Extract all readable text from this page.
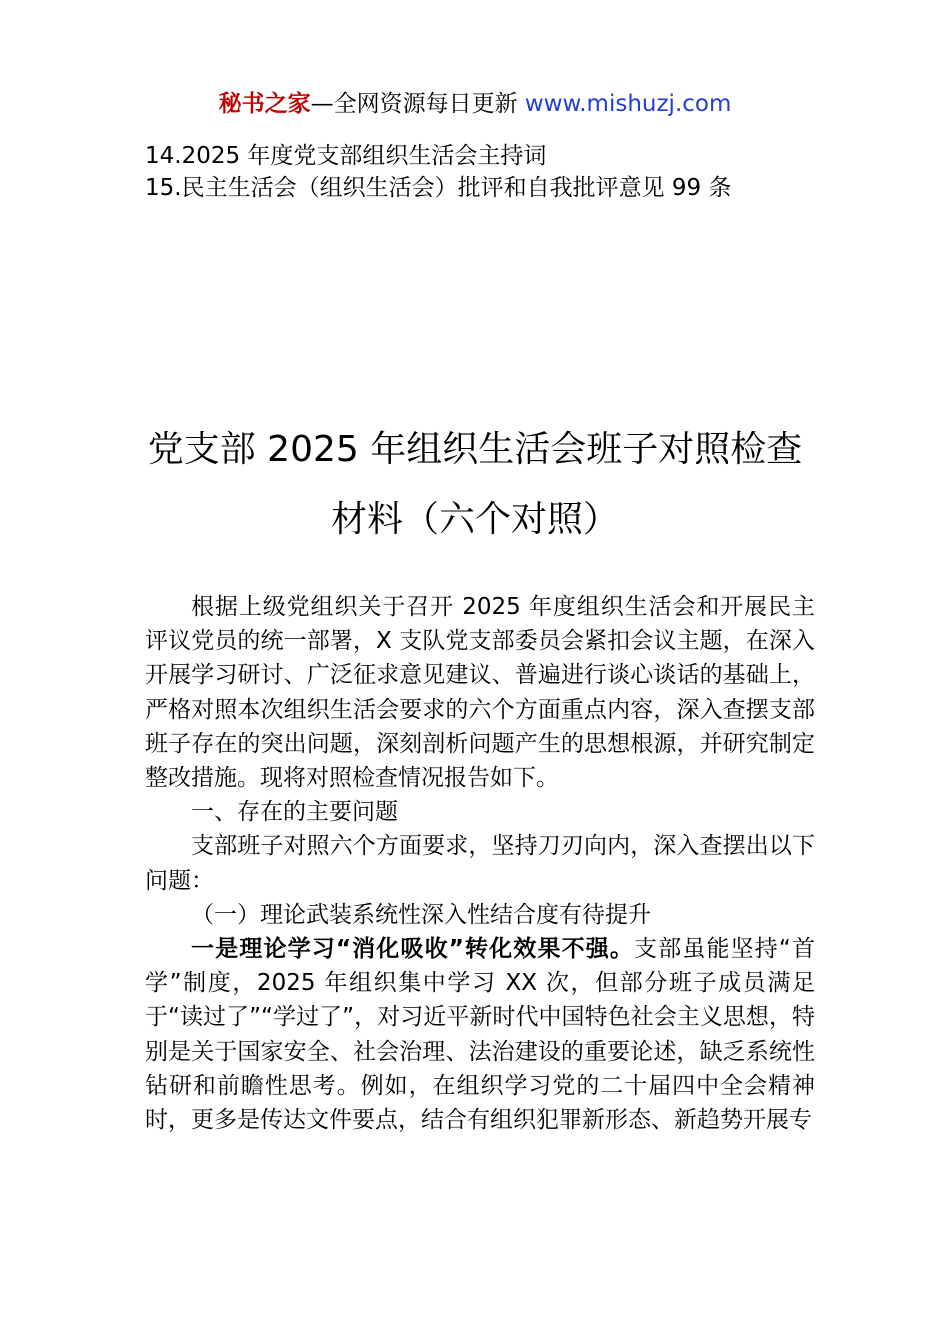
秘书之家—全网资源每日更新 www.mishuzj.com
14.2025 年度党支部组织生活会主持词
15.民主生活会（组织生活会）批评和自我批评意见 99 条
党支部 2025 年组织生活会班子对照检查
材料（六个对照）

根据上级党组织关于召开 2025 年度组织生活会和开展民主评议党员的统一部署，X 支队党支部委员会紧扣会议主题，在深入开展学习研讨、广泛征求意见建议、普遍进行谈心谈话的基础上，严格对照本次组织生活会要求的六个方面重点内容，深入查摆支部班子存在的突出问题，深刻剖析问题产生的思想根源，并研究制定整改措施。现将对照检查情况报告如下。

一、存在的主要问题

支部班子对照六个方面要求，坚持刀刃向内，深入查摆出以下问题：

（一）理论武装系统性深入性结合度有待提升

一是理论学习“消化吸收”转化效果不强。支部虽能坚持“首学”制度，2025 年组织集中学习 XX 次，但部分班子成员满足于“读过了”“学过了”，对习近平新时代中国特色社会主义思想，特别是关于国家安全、社会治理、法治建设的重要论述，缺乏系统性钻研和前瞻性思考。例如，在组织学习党的二十届四中全会精神时，更多是传达文件要点，结合有组织犯罪新形态、新趋势开展专
